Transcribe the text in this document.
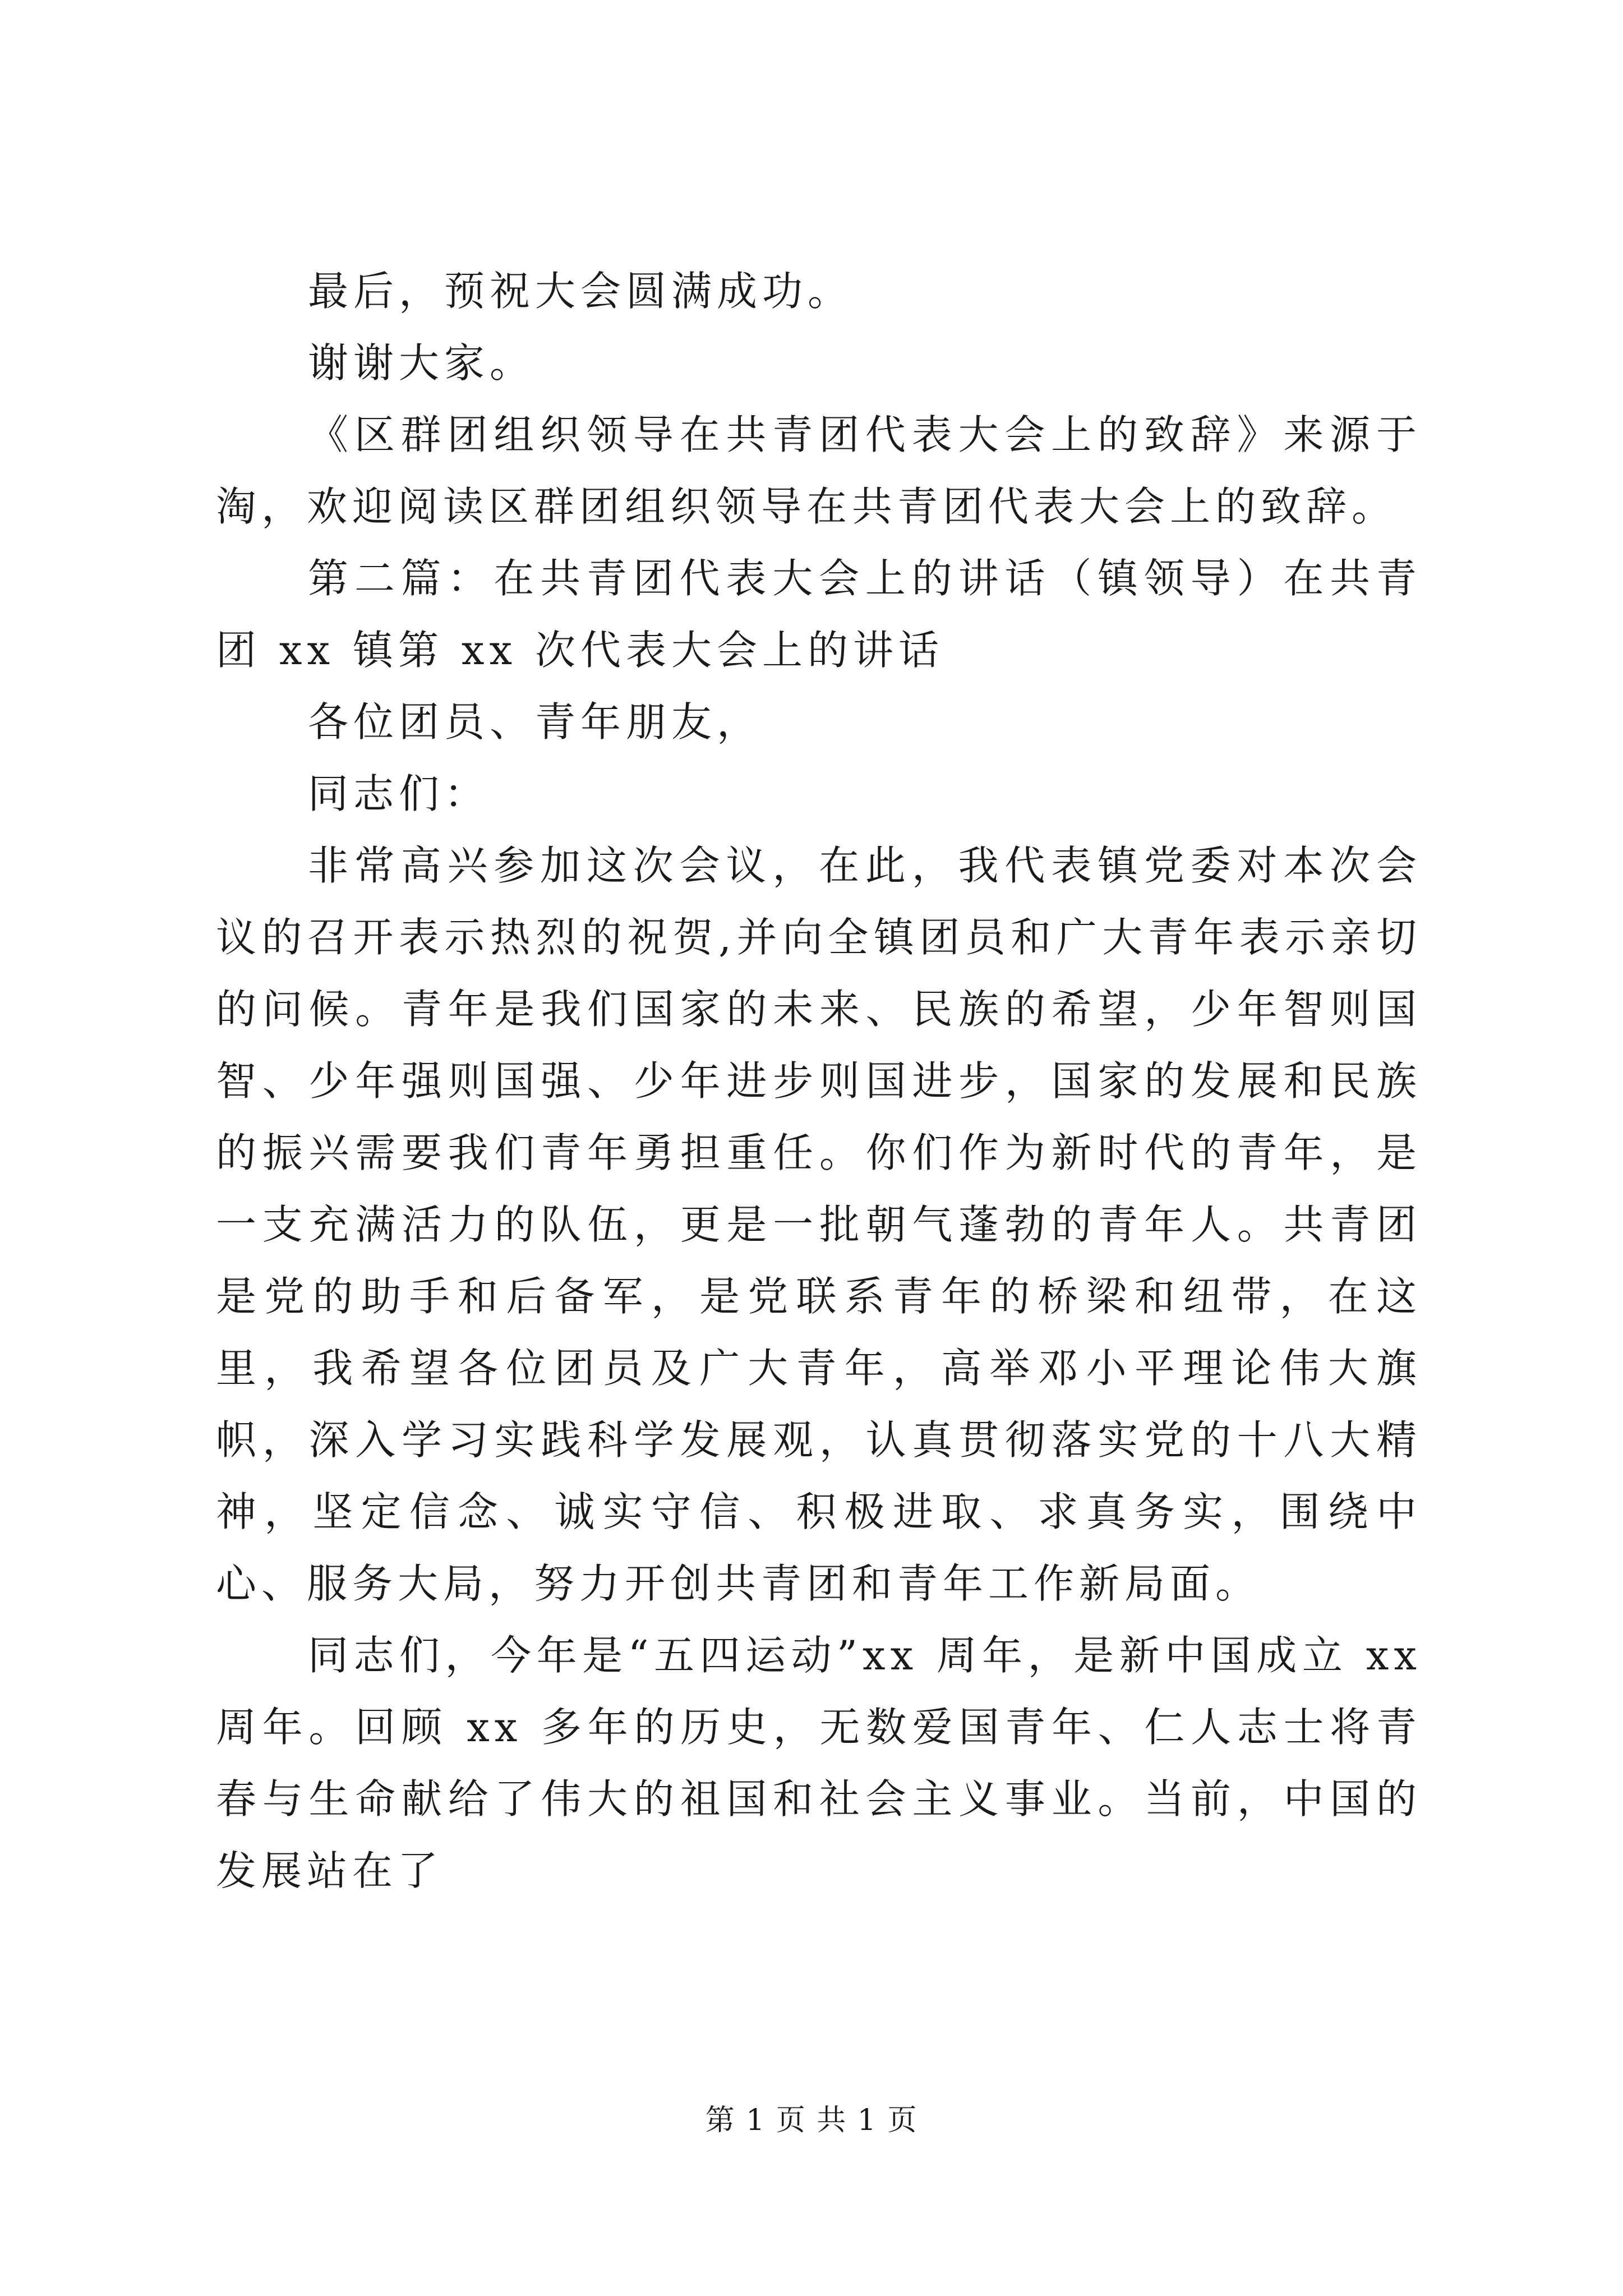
最后，预祝大会圆满成功。

谢谢大家。

《区群团组织领导在共青团代表大会上的致辞》来源于淘，欢迎阅读区群团组织领导在共青团代表大会上的致辞。

第二篇：在共青团代表大会上的讲话（镇领导）在共青团 xx 镇第 xx 次代表大会上的讲话

各位团员、青年朋友，

同志们：

非常高兴参加这次会议，在此，我代表镇党委对本次会议的召开表示热烈的祝贺,并向全镇团员和广大青年表示亲切的问候。青年是我们国家的未来、民族的希望，少年智则国智、少年强则国强、少年进步则国进步，国家的发展和民族的振兴需要我们青年勇担重任。你们作为新时代的青年，是一支充满活力的队伍，更是一批朝气蓬勃的青年人。共青团是党的助手和后备军，是党联系青年的桥梁和纽带，在这里，我希望各位团员及广大青年，高举邓小平理论伟大旗帜，深入学习实践科学发展观，认真贯彻落实党的十八大精神，坚定信念、诚实守信、积极进取、求真务实，围绕中心、服务大局，努力开创共青团和青年工作新局面。

同志们，今年是“五四运动”xx 周年，是新中国成立 xx 周年。回顾 xx 多年的历史，无数爱国青年、仁人志士将青春与生命献给了伟大的祖国和社会主义事业。当前，中国的发展站在了

第 1 页 共 1 页
